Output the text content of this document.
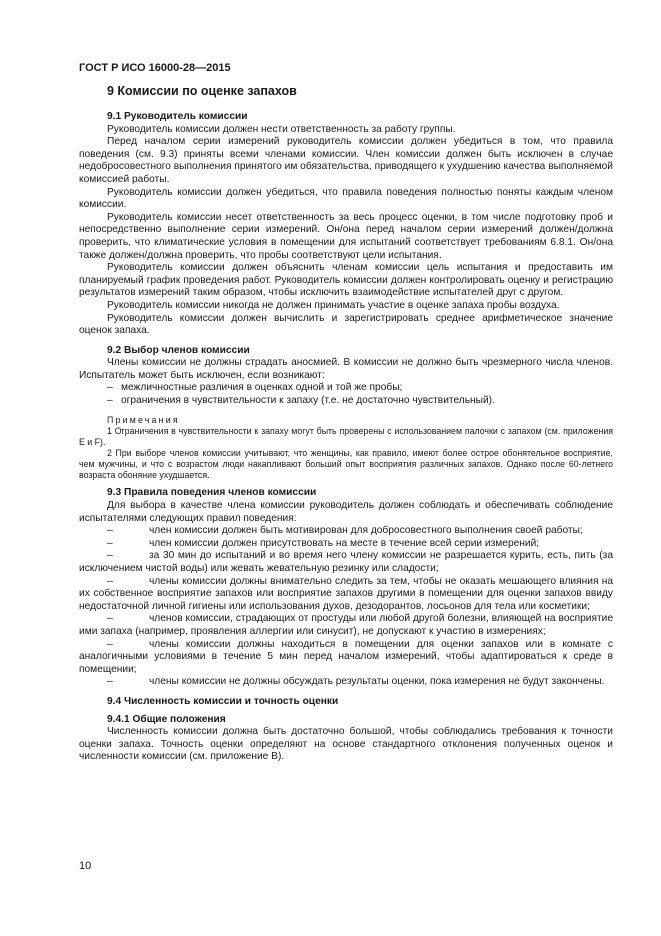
ГОСТ Р ИСО 16000-28—2015
9 Комиссии по оценке запахов
9.1 Руководитель комиссии

Руководитель комиссии должен нести ответственность за работу группы.

Перед началом серии измерений руководитель комиссии должен убедиться в том, что правила поведения (см. 9.3) приняты всеми членами комиссии. Член комиссии должен быть исключен в случае недобросовестного выполнения принятого им обязательства, приводящего к ухудшению качества выполняемой комиссией работы.

Руководитель комиссии должен убедиться, что правила поведения полностью поняты каждым членом комиссии.

Руководитель комиссии несет ответственность за весь процесс оценки, в том числе подготовку проб и непосредственно выполнение серии измерений. Он/она перед началом серии измерений должен/должна проверить, что климатические условия в помещении для испытаний соответствует требованиям 6.8.1. Он/она также должен/должна проверить, что пробы соответствуют цели испытания.

Руководитель комиссии должен объяснить членам комиссии цель испытания и предоставить им планируемый график проведения работ. Руководитель комиссии должен контролировать оценку и регистрацию результатов измерений таким образом, чтобы исключить взаимодействие испытателей друг с другом.

Руководитель комиссии никогда не должен принимать участие в оценке запаха пробы воздуха.

Руководитель комиссии должен вычислить и зарегистрировать среднее арифметическое значение оценок запаха.

9.2 Выбор членов комиссии

Члены комиссии не должны страдать аносмией. В комиссии не должно быть чрезмерного числа членов. Испытатель может быть исключен, если возникают:

– межличностные различия в оценках одной и той же пробы;
– ограничения в чувствительности к запаху (т.е. не достаточно чувствительный).
Примечания

1 Ограничения в чувствительности к запаху могут быть проверены с использованием палочки с запахом (см. приложения Е и F).

2 При выборе членов комиссии учитывают, что женщины, как правило, имеют более острое обонятельное восприятие, чем мужчины, и что с возрастом люди накапливают больший опыт восприятия различных запахов. Однако после 60-летнего возраста обоняние ухудшается.

9.3 Правила поведения членов комиссии

Для выбора в качестве члена комиссии руководитель должен соблюдать и обеспечивать соблюдение испытателями следующих правил поведения:

–	член комиссии должен быть мотивирован для добросовестного выполнения своей работы;

–	член комиссии должен присутствовать на месте в течение всей серии измерений;

–	за 30 мин до испытаний и во время него члену комиссии не разрешается курить, есть, пить (за исключением чистой воды) или жевать жевательную резинку или сладости;

–	члены комиссии должны внимательно следить за тем, чтобы не оказать мешающего влияния на их собственное восприятие запахов или восприятие запахов другими в помещении для оценки запахов ввиду недостаточной личной гигиены или использования духов, дезодорантов, лосьонов для тела или косметики;

–	членов комиссии, страдающих от простуды или любой другой болезни, влияющей на восприятие ими запаха (например, проявления аллергии или синусит), не допускают к участию в измерениях;

–	члены комиссии должны находиться в помещении для оценки запахов или в комнате с аналогичными условиями в течение 5 мин перед началом измерений, чтобы адаптироваться к среде в помещении;

–	члены комиссии не должны обсуждать результаты оценки, пока измерения не будут закончены.

9.4 Численность комиссии и точность оценки
9.4.1 Общие положения

Численность комиссии должна быть достаточно большой, чтобы соблюдались требования к точности оценки запаха. Точность оценки определяют на основе стандартного отклонения полученных оценок и численности комиссии (см. приложение В).

10
